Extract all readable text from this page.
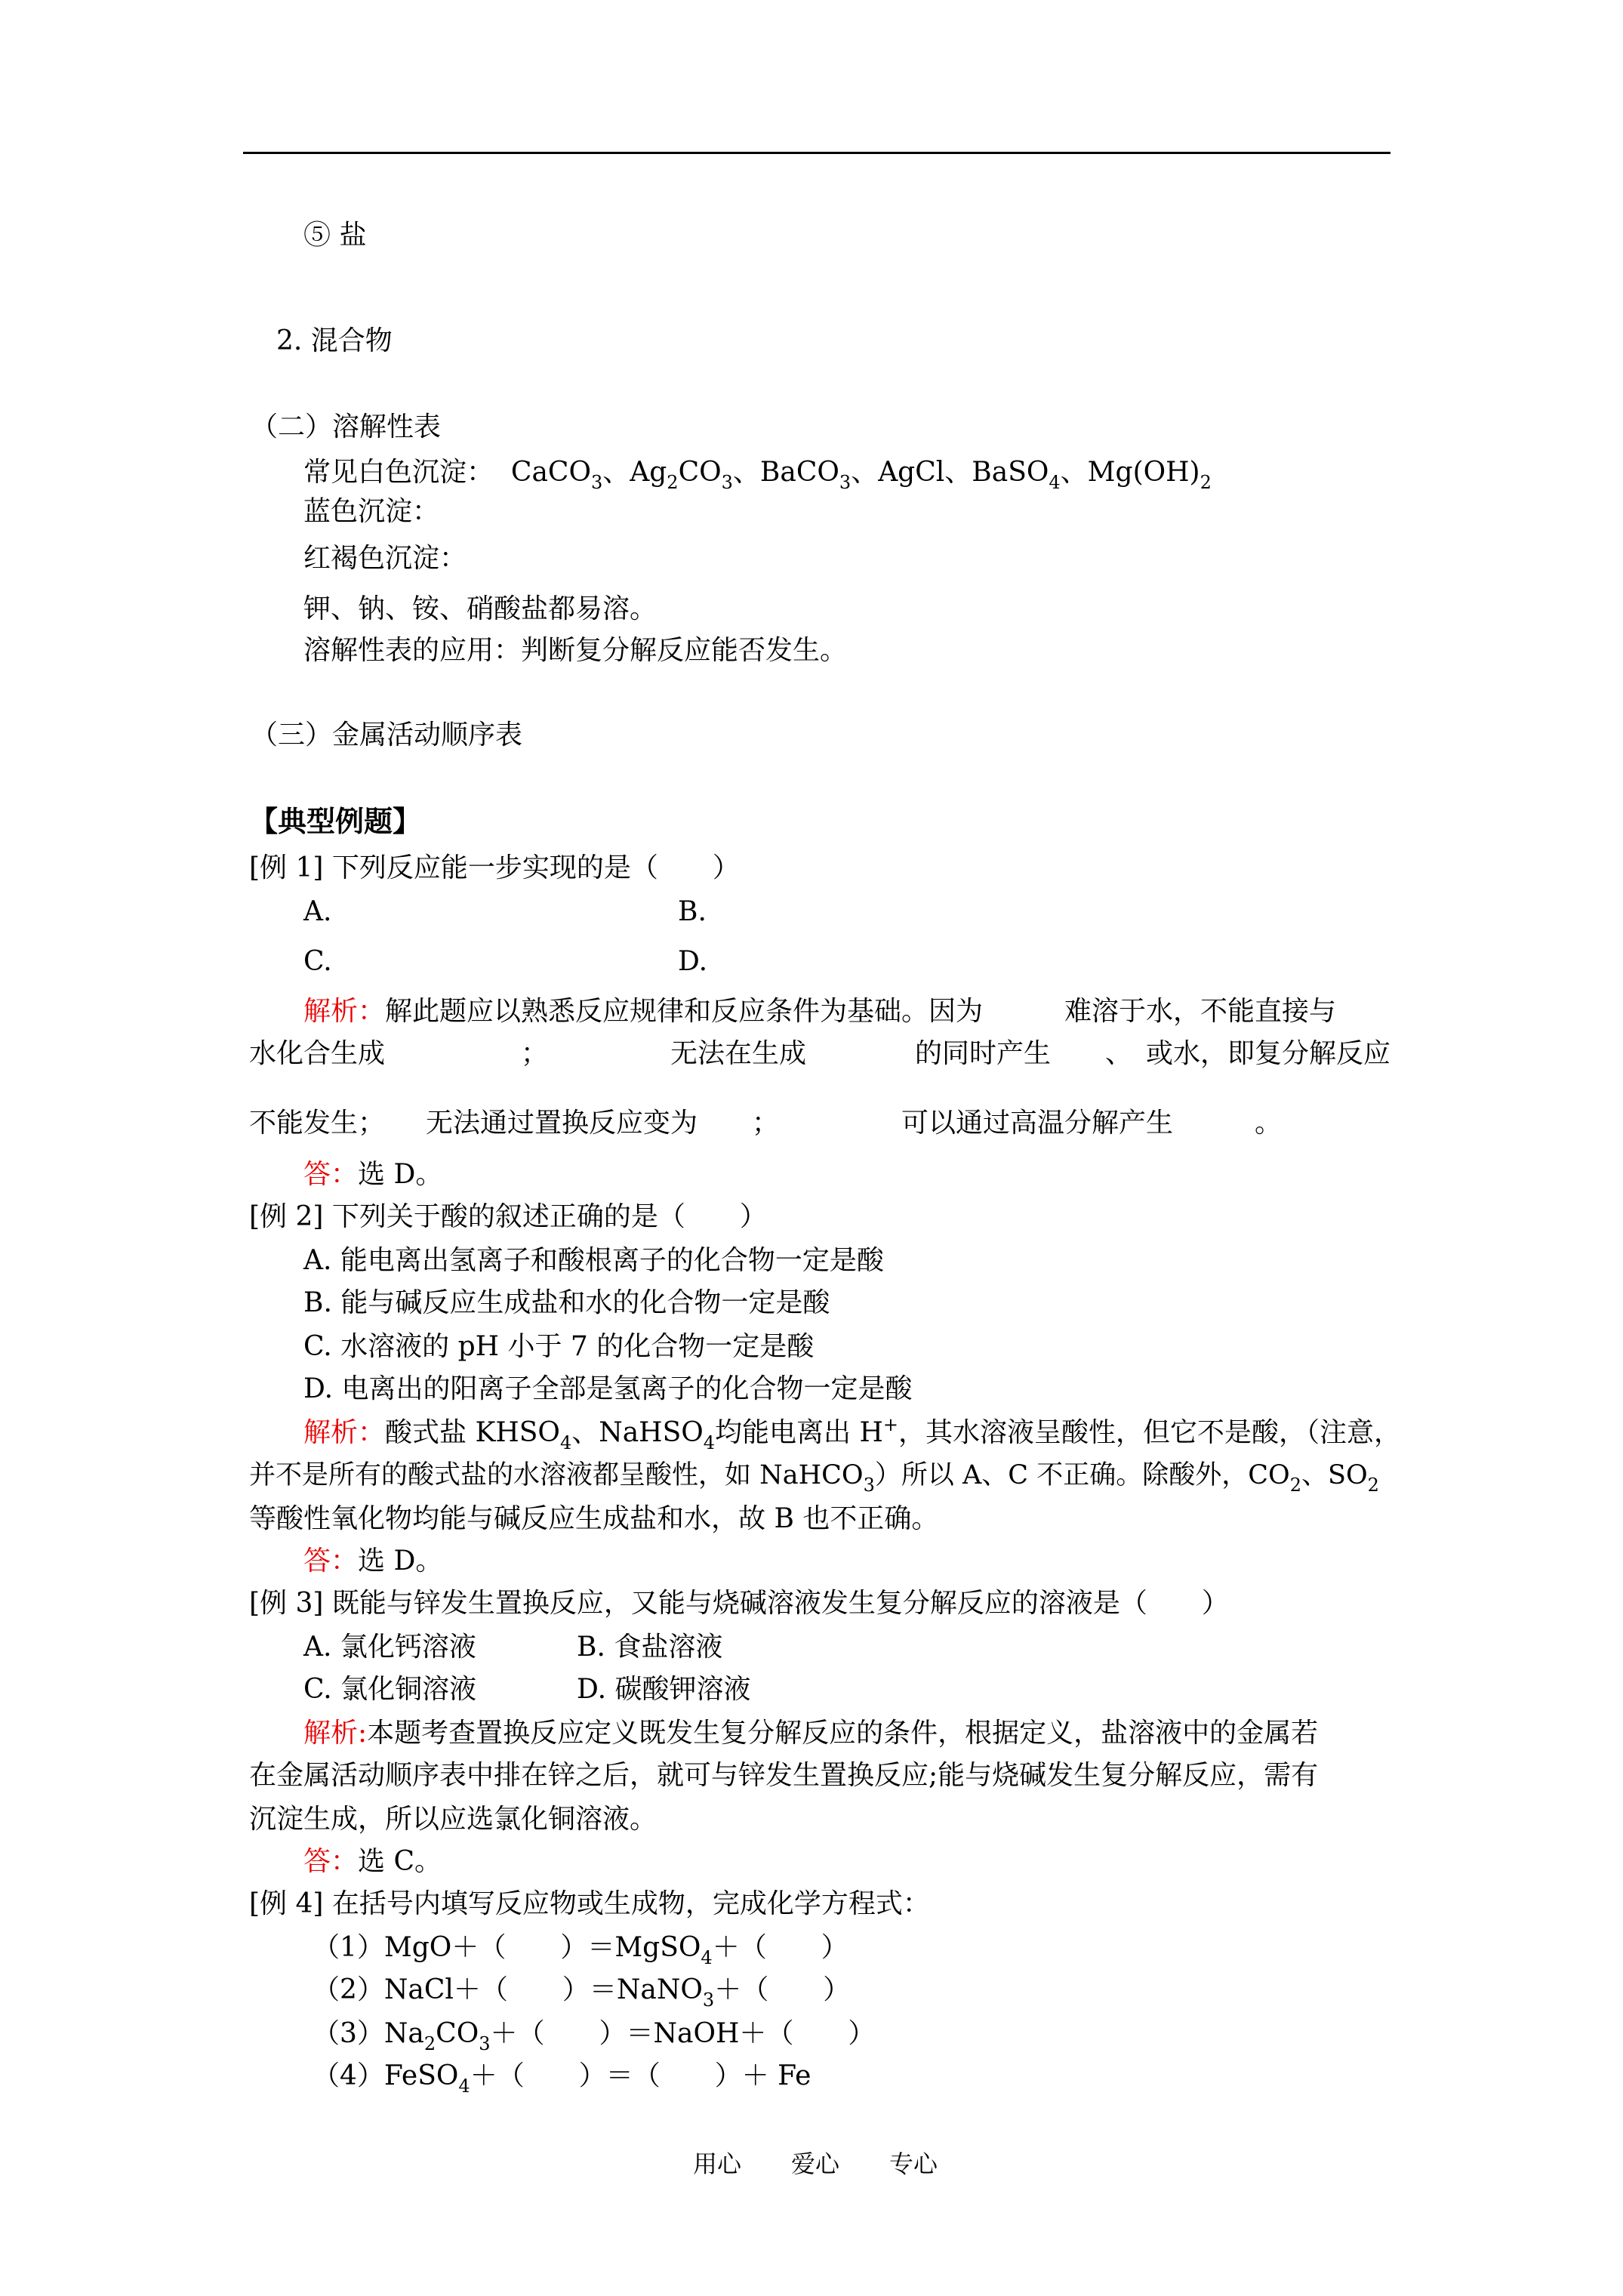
⑤ 盐
2. 混合物
（二）溶解性表
常见白色沉淀：  CaCO$_3$、$Ag_2CO_3$、BaCO$_3$、AgCl、BaSO$_4$、$Mg(OH)_2$
蓝色沉淀：
红褐色沉淀：
钾、钠、铵、硝酸盐都易溶。
溶解性表的应用：判断复分解反应能否发生。
（三）金属活动顺序表
【典型例题】
[例 1] 下列反应能一步实现的是（　　）
A.	B.
C.	D.
解析：解此题应以熟悉反应规律和反应条件为基础。因为　　　难溶于水，不能直接与
水化合生成　　　　　；　　　　　无法在生成　　　　的同时产生　　、　或水，即复分解反应
不能发生；　　无法通过置换反应变为　　；　　　　　可以通过高温分解产生　　　。
答：选 D。
[例 2] 下列关于酸的叙述正确的是（　　）
A. 能电离出氢离子和酸根离子的化合物一定是酸
B. 能与碱反应生成盐和水的化合物一定是酸
C. 水溶液的 pH 小于 7 的化合物一定是酸
D. 电离出的阳离子全部是氢离子的化合物一定是酸
解析：酸式盐 $KHSO_4$、NaHSO$_4$均能电离出 H+，其水溶液呈酸性，但它不是酸，（注意，
并不是所有的酸式盐的水溶液都呈酸性，如 NaHCO$_3$）所以 A、C 不正确。除酸外，$CO_2$、$SO_2$
等酸性氧化物均能与碱反应生成盐和水，故 B 也不正确。
答：选 D。
[例 3] 既能与锌发生置换反应，又能与烧碱溶液发生复分解反应的溶液是（　　）
A. 氯化钙溶液	B. 食盐溶液
C. 氯化铜溶液	D. 碳酸钾溶液
解析:本题考查置换反应定义既发生复分解反应的条件，根据定义，盐溶液中的金属若
在金属活动顺序表中排在锌之后，就可与锌发生置换反应;能与烧碱发生复分解反应，需有
沉淀生成，所以应选氯化铜溶液。
答：选 C。
[例 4] 在括号内填写反应物或生成物，完成化学方程式：
（1）MgO＋（　　）＝MgSO$_4$＋（　　）
（2）NaCl＋（　　）＝NaNO$_3$＋（　　）
$(3)Na_2CO_3+$（　　）＝NaOH＋（　　）
（4）FeSO$_4$＋（　　）＝（　　）＋ Fe
用心 爱心 专心
